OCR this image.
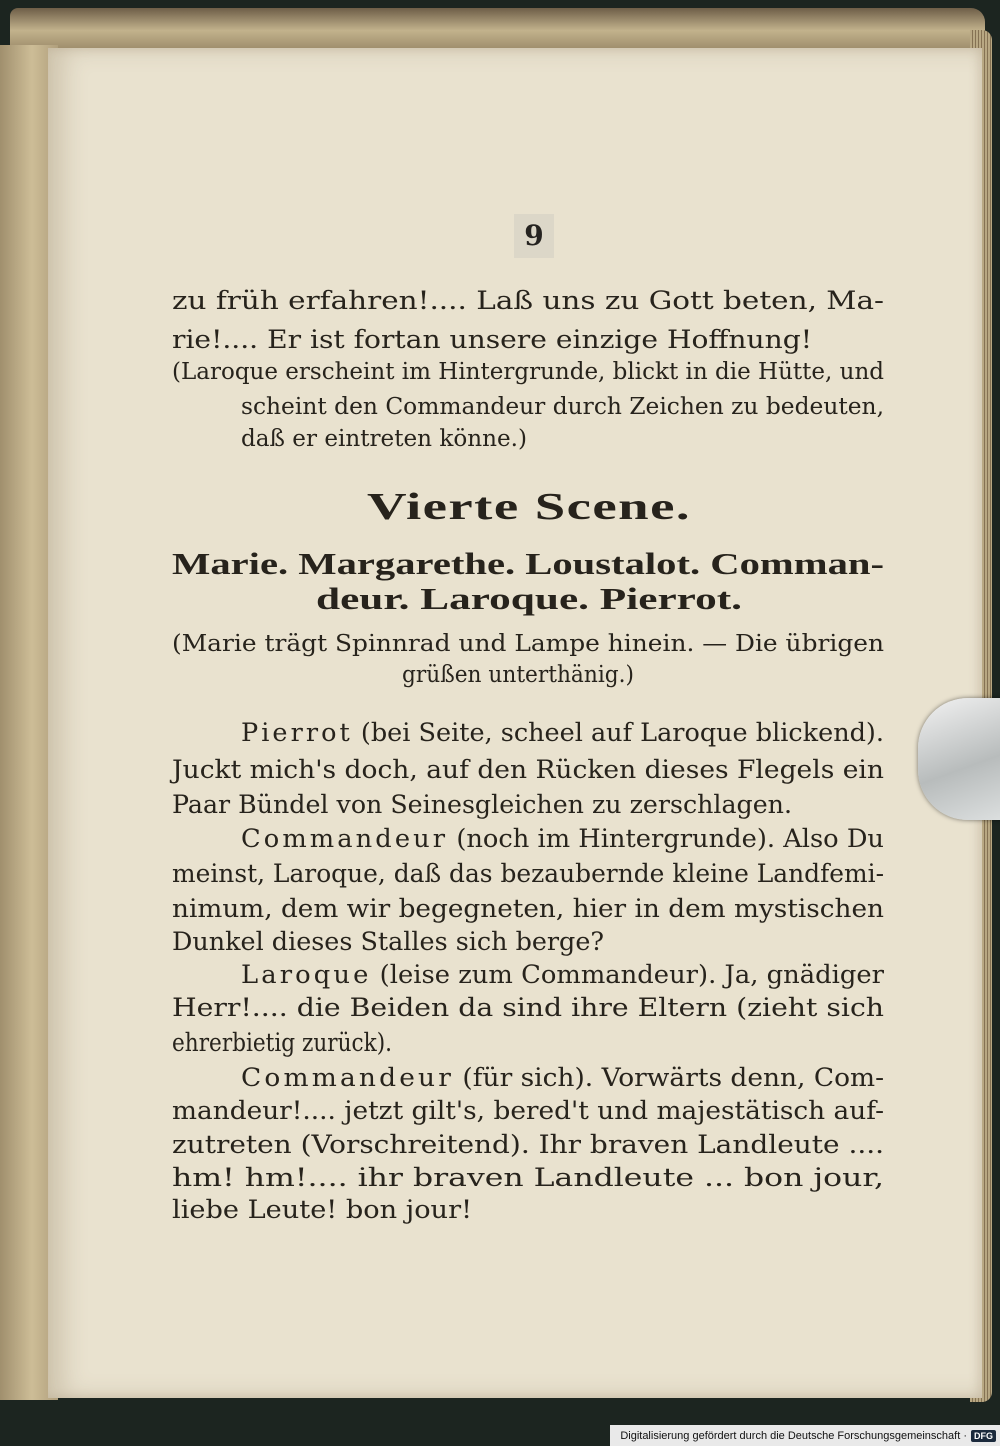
9
zu früh erfahren!.... Laß uns zu Gott beten, Ma-
rie!.... Er ist fortan unsere einzige Hoffnung!
(Laroque erscheint im Hintergrunde, blickt in die Hütte, und
scheint den Commandeur durch Zeichen zu bedeuten,
daß er eintreten könne.)
Vierte Scene.
Marie. Margarethe. Loustalot. Comman-
deur. Laroque. Pierrot.
(Marie trägt Spinnrad und Lampe hinein. — Die übrigen
grüßen unterthänig.)
Pierrot (bei Seite, scheel auf Laroque blickend).
Juckt mich's doch, auf den Rücken dieses Flegels ein
Paar Bündel von Seinesgleichen zu zerschlagen.
Commandeur (noch im Hintergrunde). Also Du
meinst, Laroque, daß das bezaubernde kleine Landfemi-
nimum, dem wir begegneten, hier in dem mystischen
Dunkel dieses Stalles sich berge?
Laroque (leise zum Commandeur). Ja, gnädiger
Herr!.... die Beiden da sind ihre Eltern (zieht sich
ehrerbietig zurück).
Commandeur (für sich). Vorwärts denn, Com-
mandeur!.... jetzt gilt's, bered't und majestätisch auf-
zutreten (Vorschreitend). Ihr braven Landleute ....
hm! hm!.... ihr braven Landleute ... bon jour,
liebe Leute! bon jour!
Digitalisierung gefördert durch die Deutsche Forschungsgemeinschaft · DFG
